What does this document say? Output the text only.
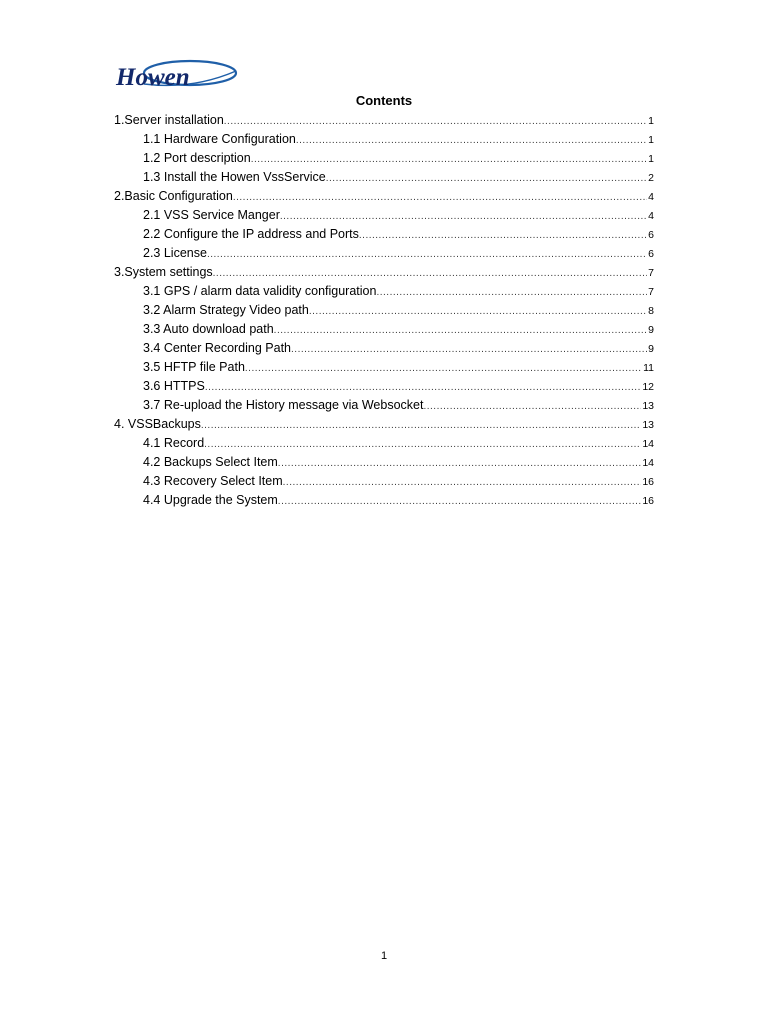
Howen
Contents
1.Server installation .....	1
1.1 Hardware Configuration .....	1
1.2 Port description .....	1
1.3 Install the Howen VssService .....	2
2.Basic Configuration .....	4
2.1 VSS Service Manger .....	4
2.2 Configure the IP address and Ports .....	6
2.3 License .....	6
3.System settings .....	7
3.1 GPS / alarm data validity configuration .....	7
3.2 Alarm Strategy Video path .....	8
3.3 Auto download path .....	9
3.4 Center Recording Path .....	9
3.5 HFTP file Path .....	11
3.6 HTTPS .....	12
3.7 Re-upload the History message via Websocket .....	13
4. VSSBackups .....	13
4.1 Record .....	14
4.2 Backups Select Item .....	14
4.3 Recovery Select Item .....	16
4.4 Upgrade the System .....	16
1
